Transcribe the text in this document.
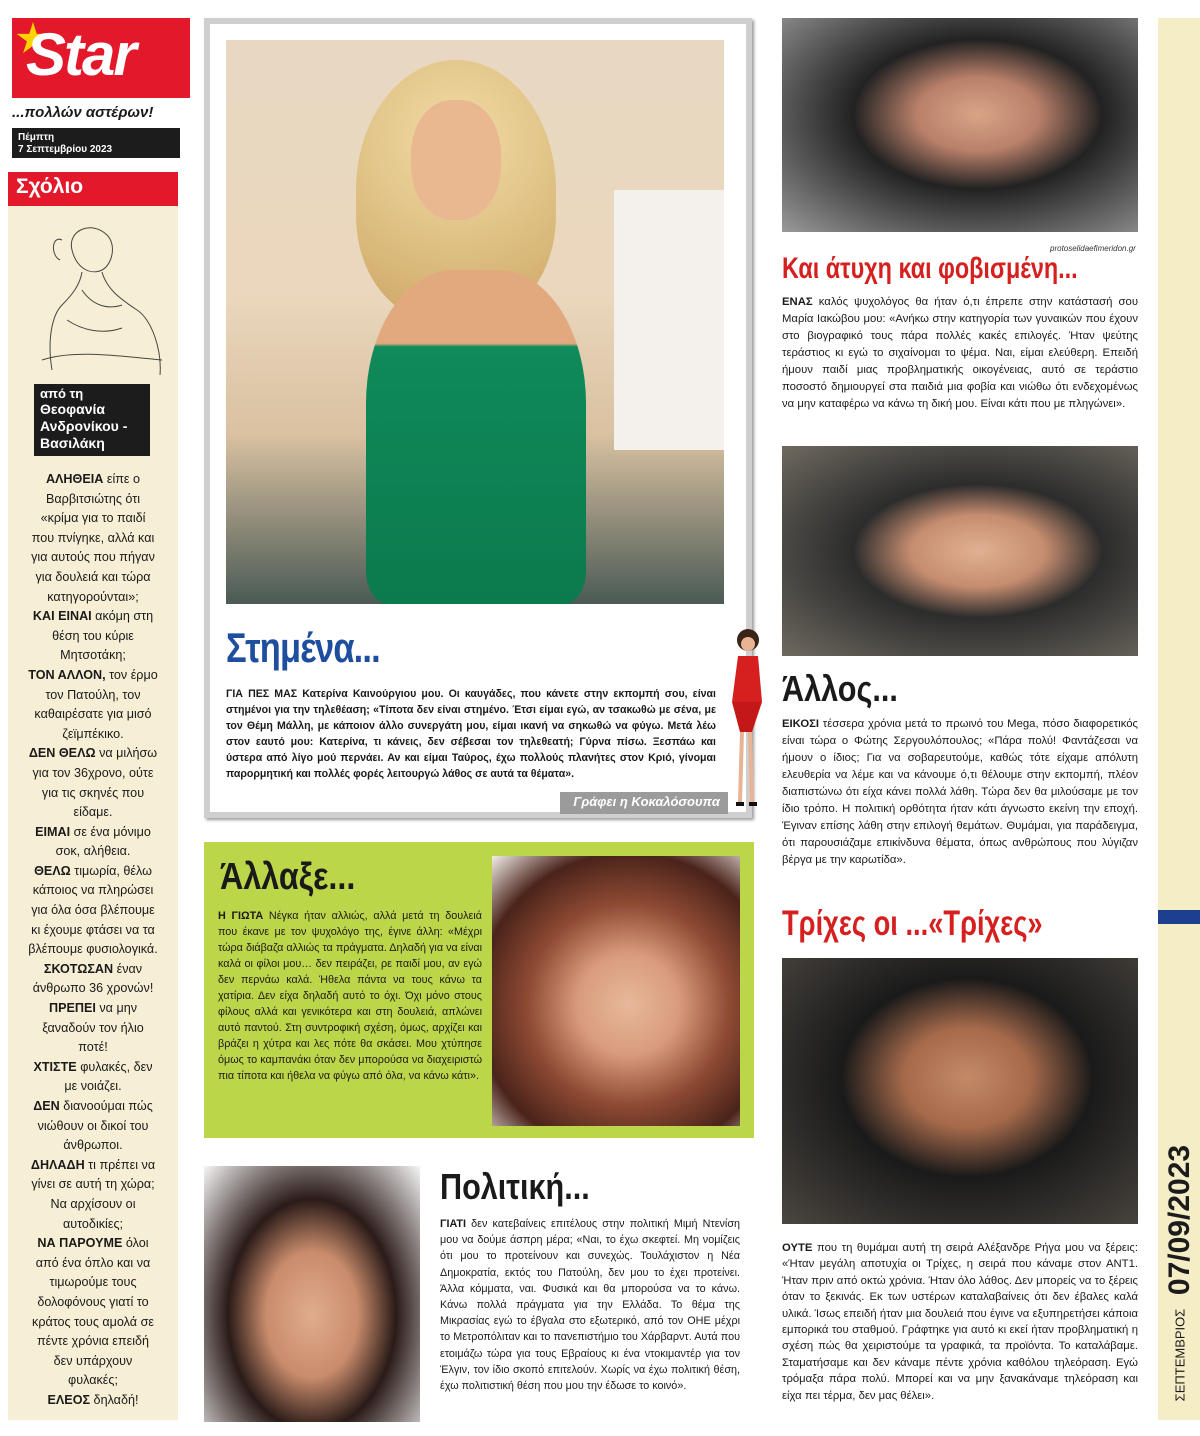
Star
...πολλών αστέρων!
Πέμπτη
7 Σεπτεμβρίου 2023
Σχόλιο
από τη
Θεοφανία
Ανδρονίκου -
Βασιλάκη

ΑΛΗΘΕΙΑ είπε ο Βαρβιτσιώτης ότι «κρίμα για το παιδί που πνίγηκε, αλλά και για αυτούς που πήγαν για δουλειά και τώρα κατηγορούνται»;

ΚΑΙ ΕΙΝΑΙ ακόμη στη θέση του κύριε Μητσοτάκη;

ΤΟΝ ΑΛΛΟΝ, τον έρμο τον Πατούλη, τον καθαιρέσατε για μισό ζεϊμπέκικο.

ΔΕΝ ΘΕΛΩ να μιλήσω για τον 36χρονο, ούτε για τις σκηνές που είδαμε.

ΕΙΜΑΙ σε ένα μόνιμο σοκ, αλήθεια.

ΘΕΛΩ τιμωρία, θέλω κάποιος να πληρώσει για όλα όσα βλέπουμε κι έχουμε φτάσει να τα βλέπουμε φυσιολογικά.

ΣΚΟΤΩΣΑΝ έναν άνθρωπο 36 χρονών!

ΠΡΕΠΕΙ να μην ξαναδούν τον ήλιο ποτέ!

ΧΤΙΣΤΕ φυλακές, δεν με νοιάζει.

ΔΕΝ διανοούμαι πώς νιώθουν οι δικοί του άνθρωποι.

ΔΗΛΑΔΗ τι πρέπει να γίνει σε αυτή τη χώρα; Να αρχίσουν οι αυτοδικίες;

ΝΑ ΠΑΡΟΥΜΕ όλοι από ένα όπλο και να τιμωρούμε τους δολοφόνους γιατί το κράτος τους αμολά σε πέντε χρόνια επειδή δεν υπάρχουν φυλακές;

ΕΛΕΟΣ δηλαδή!

Στημένα...
ΓΙΑ ΠΕΣ ΜΑΣ Κατερίνα Καινούργιου μου. Οι καυγάδες, που κάνετε στην εκπομπή σου, είναι στημένοι για την τηλεθέαση; «Τίποτα δεν είναι στημένο. Έτσι είμαι εγώ, αν τσακωθώ με σένα, με τον Θέμη Μάλλη, με κάποιον άλλο συνεργάτη μου, είμαι ικανή να σηκωθώ να φύγω. Μετά λέω στον εαυτό μου: Κατερίνα, τι κάνεις, δεν σέβεσαι τον τηλεθεατή; Γύρνα πίσω. Ξεσπάω και ύστερα από λίγο μού περνάει. Αν και είμαι Ταύρος, έχω πολλούς πλανήτες στον Κριό, γίνομαι παρορμητική και πολλές φορές λειτουργώ λάθος σε αυτά τα θέματα».
Γράφει η Κοκαλόσουπα
Άλλαξε...
Η ΓΙΩΤΑ Νέγκα ήταν αλλιώς, αλλά μετά τη δουλειά που έκανε με τον ψυχολόγο της, έγινε άλλη: «Μέχρι τώρα διάβαζα αλλιώς τα πράγματα. Δηλαδή για να είναι καλά οι φίλοι μου… δεν πειράζει, ρε παιδί μου, αν εγώ δεν περνάω καλά. Ήθελα πάντα να τους κάνω τα χατίρια. Δεν είχα δηλαδή αυτό το όχι. Όχι μόνο στους φίλους αλλά και γενικότερα και στη δουλειά, απλώνει αυτό παντού. Στη συντροφική σχέση, όμως, αρχίζει και βράζει η χύτρα και λες πότε θα σκάσει. Μου χτύπησε όμως το καμπανάκι όταν δεν μπορούσα να διαχειριστώ πια τίποτα και ήθελα να φύγω από όλα, να κάνω κάτι».
Πολιτική...
ΓΙΑΤΙ δεν κατεβαίνεις επιτέλους στην πολιτική Μιμή Ντενίση μου να δούμε άσπρη μέρα; «Ναι, το έχω σκεφτεί. Μη νομίζεις ότι μου το προτείνουν και συνεχώς. Τουλάχιστον η Νέα Δημοκρατία, εκτός του Πατούλη, δεν μου το έχει προτείνει. Άλλα κόμματα, ναι. Φυσικά και θα μπορούσα να το κάνω. Κάνω πολλά πράγματα για την Ελλάδα. Το θέμα της Μικρασίας εγώ το έβγαλα στο εξωτερικό, από τον ΟΗΕ μέχρι το Μετροπόλιταν και το πανεπιστήμιο του Χάρβαρντ. Αυτά που ετοιμάζω τώρα για τους Εβραίους κι ένα ντοκιμαντέρ για τον Έλγιν, τον ίδιο σκοπό επιτελούν. Χωρίς να έχω πολιτική θέση, έχω πολιτιστική θέση που μου την έδωσε το κοινό».
protoselidaefimeridon.gr
Και άτυχη και φοβισμένη...
ΕΝΑΣ καλός ψυχολόγος θα ήταν ό,τι έπρεπε στην κατάστασή σου Μαρία Ιακώβου μου: «Ανήκω στην κατηγορία των γυναικών που έχουν στο βιογραφικό τους πάρα πολλές κακές επιλογές. Ήταν ψεύτης τεράστιος κι εγώ το σιχαίνομαι το ψέμα. Ναι, είμαι ελεύθερη. Επειδή ήμουν παιδί μιας προβληματικής οικογένειας, αυτό σε τεράστιο ποσοστό δημιουργεί στα παιδιά μια φοβία και νιώθω ότι ενδεχομένως να μην καταφέρω να κάνω τη δική μου. Είναι κάτι που με πληγώνει».
Άλλος...
ΕΙΚΟΣΙ τέσσερα χρόνια μετά το πρωινό του Mega, πόσο διαφορετικός είναι τώρα ο Φώτης Σεργουλόπουλος; «Πάρα πολύ! Φαντάζεσαι να ήμουν ο ίδιος; Για να σοβαρευτούμε, καθώς τότε είχαμε απόλυτη ελευθερία να λέμε και να κάνουμε ό,τι θέλουμε στην εκπομπή, πλέον διαπιστώνω ότι είχα κάνει πολλά λάθη. Τώρα δεν θα μιλούσαμε με τον ίδιο τρόπο. Η πολιτική ορθότητα ήταν κάτι άγνωστο εκείνη την εποχή. Έγιναν επίσης λάθη στην επιλογή θεμάτων. Θυμάμαι, για παράδειγμα, ότι παρουσιάζαμε επικίνδυνα θέματα, όπως ανθρώπους που λύγιζαν βέργα με την καρωτίδα».
Τρίχες οι ...«Τρίχες»
ΟΥΤΕ που τη θυμάμαι αυτή τη σειρά Αλέξανδρε Ρήγα μου να ξέρεις: «Ήταν μεγάλη αποτυχία οι Τρίχες, η σειρά που κάναμε στον ΑΝΤ1. Ήταν πριν από οκτώ χρόνια. Ήταν όλο λάθος. Δεν μπορείς να το ξέρεις όταν το ξεκινάς. Εκ των υστέρων καταλαβαίνεις ότι δεν έβαλες καλά υλικά. Ίσως επειδή ήταν μια δουλειά που έγινε να εξυπηρετήσει κάποια εμπορικά του σταθμού. Γράφτηκε για αυτό κι εκεί ήταν προβληματική η σχέση πώς θα χειριστούμε τα γραφικά, τα προϊόντα. Το καταλάβαμε. Σταματήσαμε και δεν κάναμε πέντε χρόνια καθόλου τηλεόραση. Εγώ τρόμαξα πάρα πολύ. Μπορεί και να μην ξανακάναμε τηλεόραση και είχα πει τέρμα, δεν μας θέλει».
07/09/2023
ΣΕΠΤΕΜΒΡΙΟΣ
